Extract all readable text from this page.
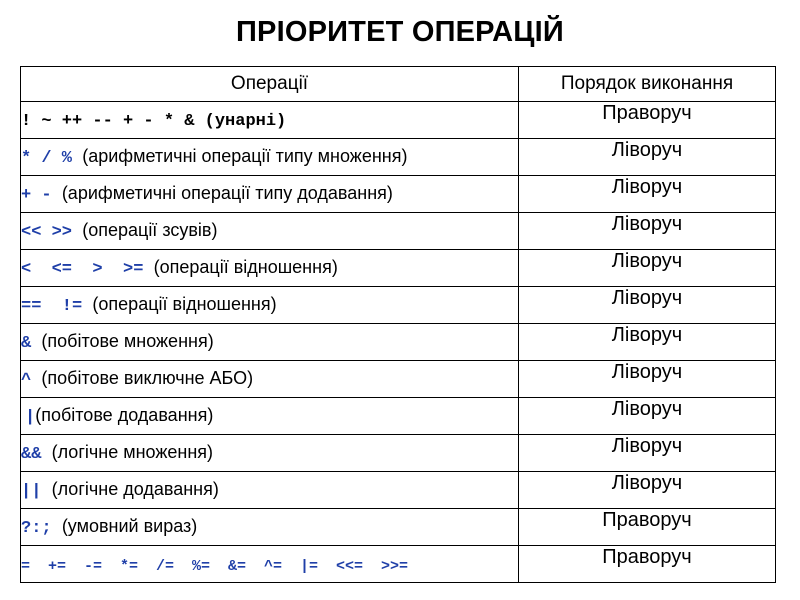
ПРІОРИТЕТ ОПЕРАЦІЙ
Операції	Порядок виконання
! ~ ++ -- + - * & (унарні)	Праворуч
* / % (арифметичні операції типу множення)	Ліворуч
+ - (арифметичні операції типу додавання)	Ліворуч
<< >> (операції зсувів)	Ліворуч
<  <=  >  >= (операції відношення)	Ліворуч
==  != (операції відношення)	Ліворуч
& (побітове множення)	Ліворуч
^ (побітове виключне АБО)	Ліворуч
|(побітове додавання)	Ліворуч
&& (логічне множення)	Ліворуч
|| (логічне додавання)	Ліворуч
?:; (умовний вираз)	Праворуч
=  +=  -=  *=  /=  %=  &=  ^=  |=  <<=  >>=	Праворуч
